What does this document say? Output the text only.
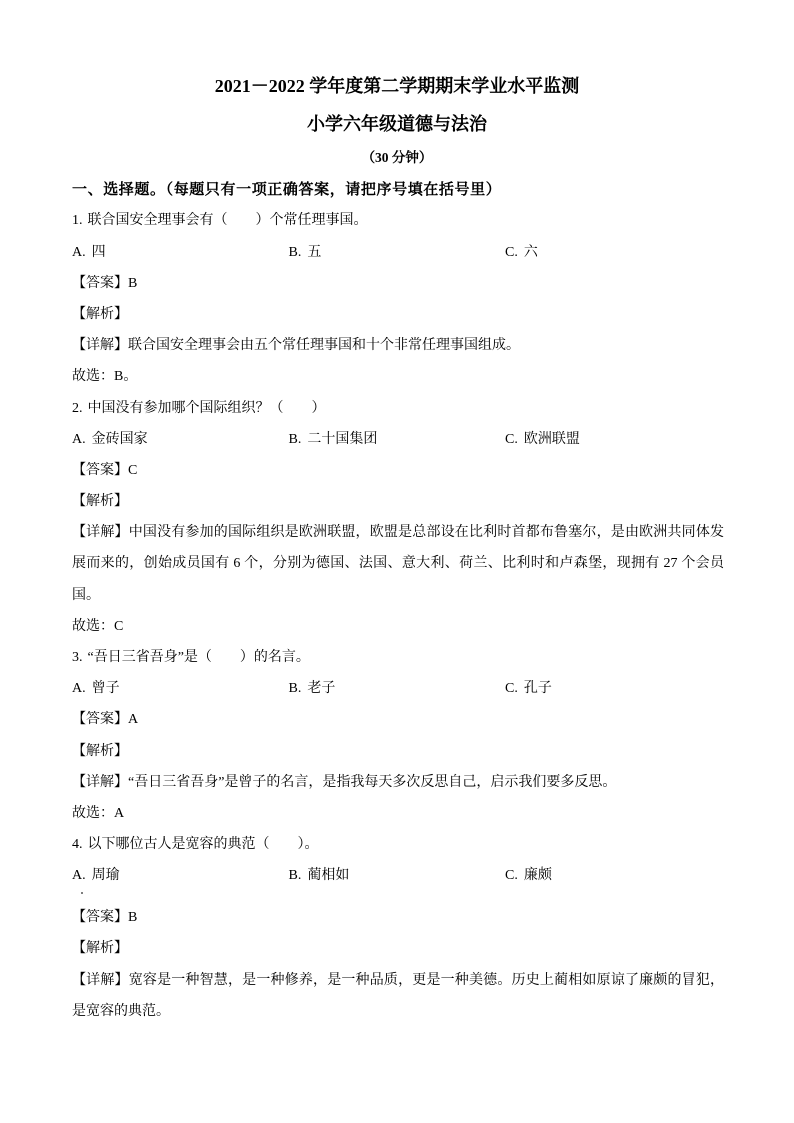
2021－2022 学年度第二学期期末学业水平监测
小学六年级道德与法治
（30 分钟）
一、选择题。（每题只有一项正确答案，请把序号填在括号里）
1. 联合国安全理事会有（　　）个常任理事国。
A. 四	B. 五	C. 六
【答案】B
【解析】
【详解】联合国安全理事会由五个常任理事国和十个非常任理事国组成。
故选：B。
2. 中国没有参加哪个国际组织？（　　）
A. 金砖国家	B. 二十国集团	C. 欧洲联盟
【答案】C
【解析】
【详解】中国没有参加的国际组织是欧洲联盟，欧盟是总部设在比利时首都布鲁塞尔，是由欧洲共同体发展而来的，创始成员国有 6 个，分别为德国、法国、意大利、荷兰、比利时和卢森堡，现拥有 27 个会员国。
故选：C
3. “吾日三省吾身”是（　　）的名言。
A. 曾子	B. 老子	C. 孔子
【答案】A
【解析】
【详解】“吾日三省吾身”是曾子的名言，是指我每天多次反思自己，启示我们要多反思。
故选：A
4. 以下哪位古人是宽容的典范（　　）。
A. 周瑜	B. 蔺相如	C. 廉颇
【答案】B
【解析】
【详解】宽容是一种智慧，是一种修养，是一种品质，更是一种美德。历史上蔺相如原谅了廉颇的冒犯，是宽容的典范。
